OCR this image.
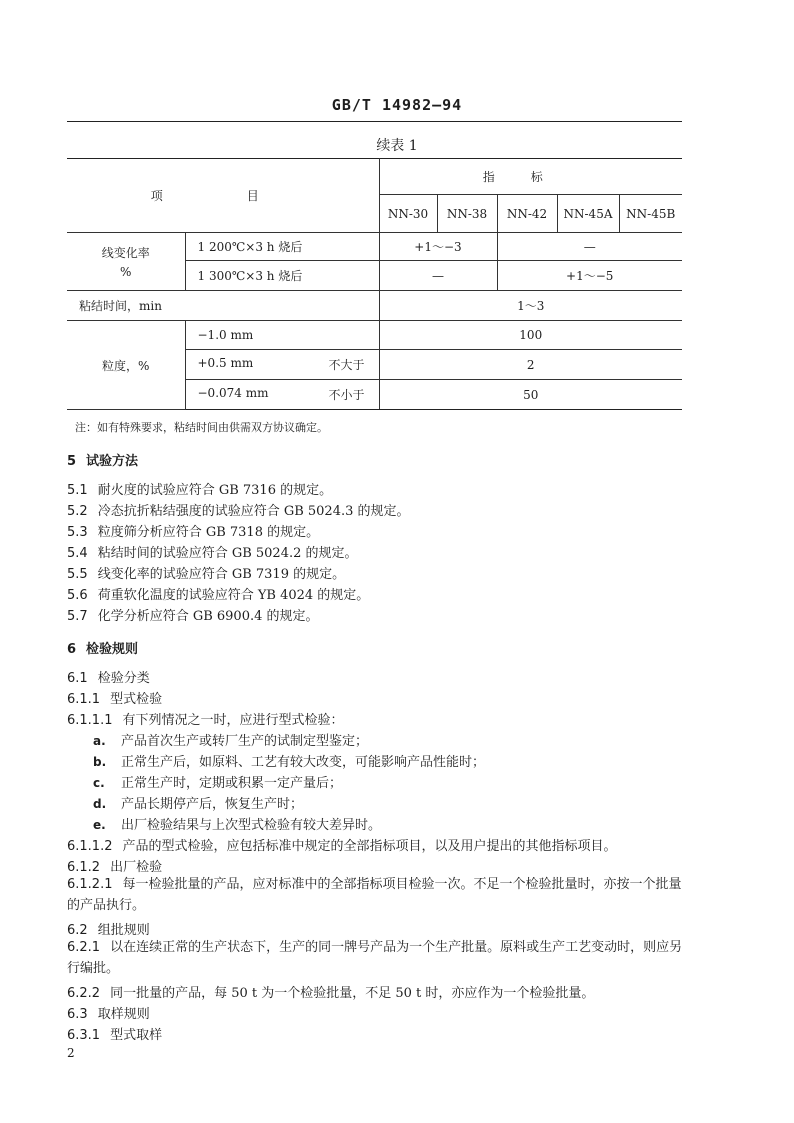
GB/T 14982—94
续表 1
项　目		指标				
		NN-30	NN-38	NN-42	NN-45A	NN-45B

线变化率
%	1 200℃×3 h 烧后	+1～−3		—		
	1 300℃×3 h 烧后	—		+1～−5		
粘结时间，min		1～3				
粒度，%	−1.0 mm	100				
	+0.5 mm 不大于	2				
	−0.074 mm 不小于	50				
注：如有特殊要求，粘结时间由供需双方协议确定。
5 试验方法
5.1 耐火度的试验应符合 GB 7316 的规定。
5.2 冷态抗折粘结强度的试验应符合 GB 5024.3 的规定。
5.3 粒度筛分析应符合 GB 7318 的规定。
5.4 粘结时间的试验应符合 GB 5024.2 的规定。
5.5 线变化率的试验应符合 GB 7319 的规定。
5.6 荷重软化温度的试验应符合 YB 4024 的规定。
5.7 化学分析应符合 GB 6900.4 的规定。
6 检验规则
6.1 检验分类
6.1.1 型式检验
6.1.1.1 有下列情况之一时，应进行型式检验：
a. 产品首次生产或转厂生产的试制定型鉴定；
b. 正常生产后，如原料、工艺有较大改变，可能影响产品性能时；
c. 正常生产时，定期或积累一定产量后；
d. 产品长期停产后，恢复生产时；
e. 出厂检验结果与上次型式检验有较大差异时。
6.1.1.2 产品的型式检验，应包括标准中规定的全部指标项目，以及用户提出的其他指标项目。
6.1.2 出厂检验
6.1.2.1 每一检验批量的产品，应对标准中的全部指标项目检验一次。不足一个检验批量时，亦按一个批量的产品执行。
6.2 组批规则
6.2.1 以在连续正常的生产状态下，生产的同一牌号产品为一个生产批量。原料或生产工艺变动时，则应另行编批。
6.2.2 同一批量的产品，每 50 t 为一个检验批量，不足 50 t 时，亦应作为一个检验批量。
6.3 取样规则
6.3.1 型式取样
2
